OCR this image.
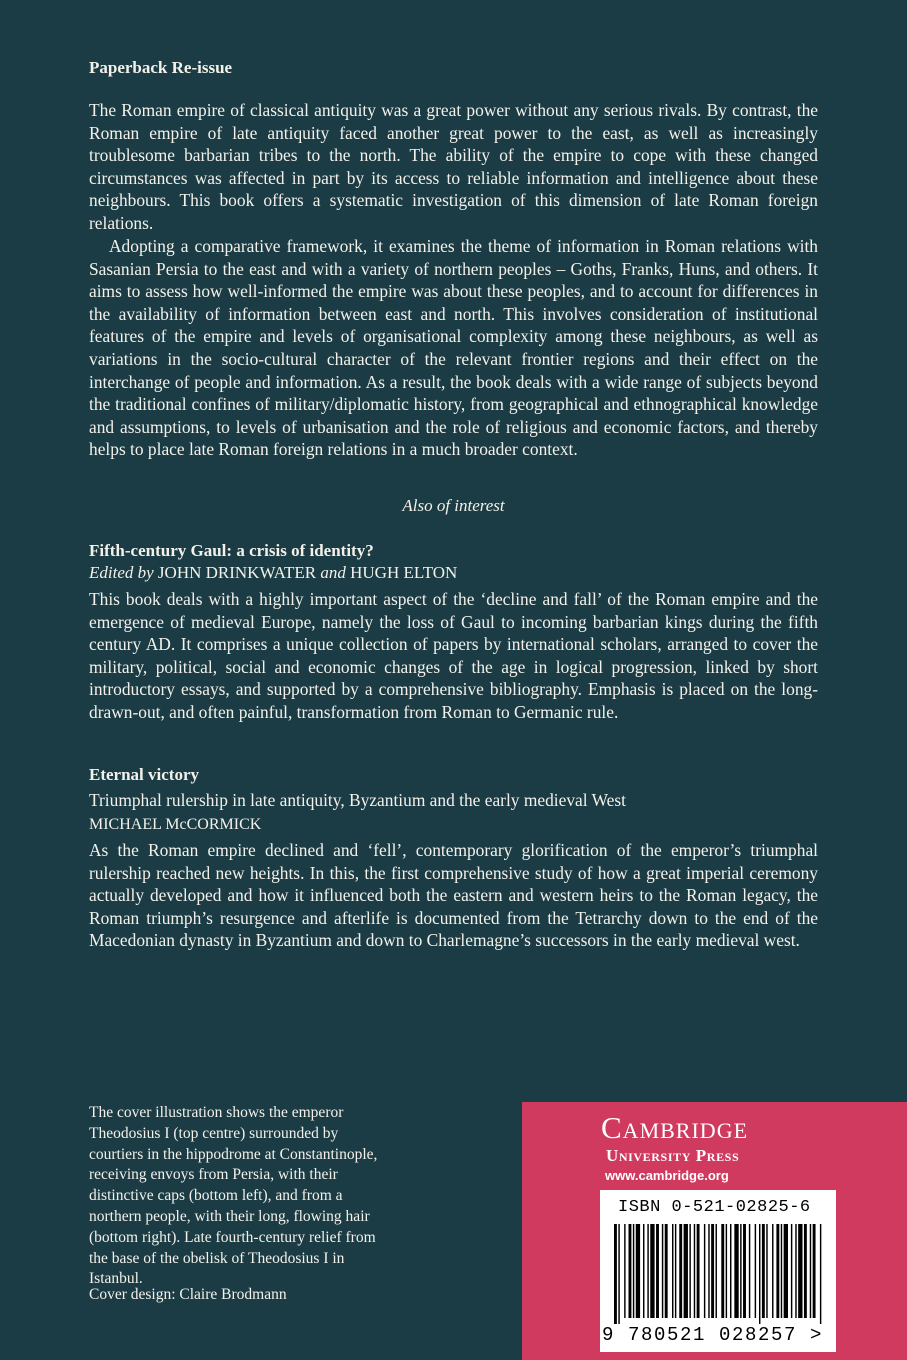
Paperback Re-issue

The Roman empire of classical antiquity was a great power without any serious rivals. By contrast, the Roman empire of late antiquity faced another great power to the east, as well as increasingly troublesome barbarian tribes to the north. The ability of the empire to cope with these changed circumstances was affected in part by its access to reliable information and intelligence about these neighbours. This book offers a systematic investigation of this dimension of late Roman foreign relations.

Adopting a comparative framework, it examines the theme of information in Roman relations with Sasanian Persia to the east and with a variety of northern peoples – Goths, Franks, Huns, and others. It aims to assess how well-informed the empire was about these peoples, and to account for differences in the availability of information between east and north. This involves consideration of institutional features of the empire and levels of organisational complexity among these neighbours, as well as variations in the socio-cultural character of the relevant frontier regions and their effect on the interchange of people and information. As a result, the book deals with a wide range of subjects beyond the traditional confines of military/diplomatic history, from geographical and ethnographical knowledge and assumptions, to levels of urbanisation and the role of religious and economic factors, and thereby helps to place late Roman foreign relations in a much broader context.

Also of interest

Fifth-century Gaul: a crisis of identity?

Edited by JOHN DRINKWATER and HUGH ELTON

This book deals with a highly important aspect of the ‘decline and fall’ of the Roman empire and the emergence of medieval Europe, namely the loss of Gaul to incoming barbarian kings during the fifth century AD. It comprises a unique collection of papers by international scholars, arranged to cover the military, political, social and economic changes of the age in logical progression, linked by short introductory essays, and supported by a comprehensive bibliography. Emphasis is placed on the long-drawn-out, and often painful, transformation from Roman to Germanic rule.

Eternal victory

Triumphal rulership in late antiquity, Byzantium and the early medieval West

MICHAEL McCORMICK

As the Roman empire declined and ‘fell’, contemporary glorification of the emperor’s triumphal rulership reached new heights. In this, the first comprehensive study of how a great imperial ceremony actually developed and how it influenced both the eastern and western heirs to the Roman legacy, the Roman triumph’s resurgence and afterlife is documented from the Tetrarchy down to the end of the Macedonian dynasty in Byzantium and down to Charlemagne’s successors in the early medieval west.

The cover illustration shows the emperor Theodosius I (top centre) surrounded by courtiers in the hippodrome at Constantinople, receiving envoys from Persia, with their distinctive caps (bottom left), and from a northern people, with their long, flowing hair (bottom right). Late fourth-century relief from the base of the obelisk of Theodosius I in Istanbul.

Cover design: Claire Brodmann

Cambridge
University Press
www.cambridge.org
ISBN 0-521-02825-6
9 780521 028257 >
